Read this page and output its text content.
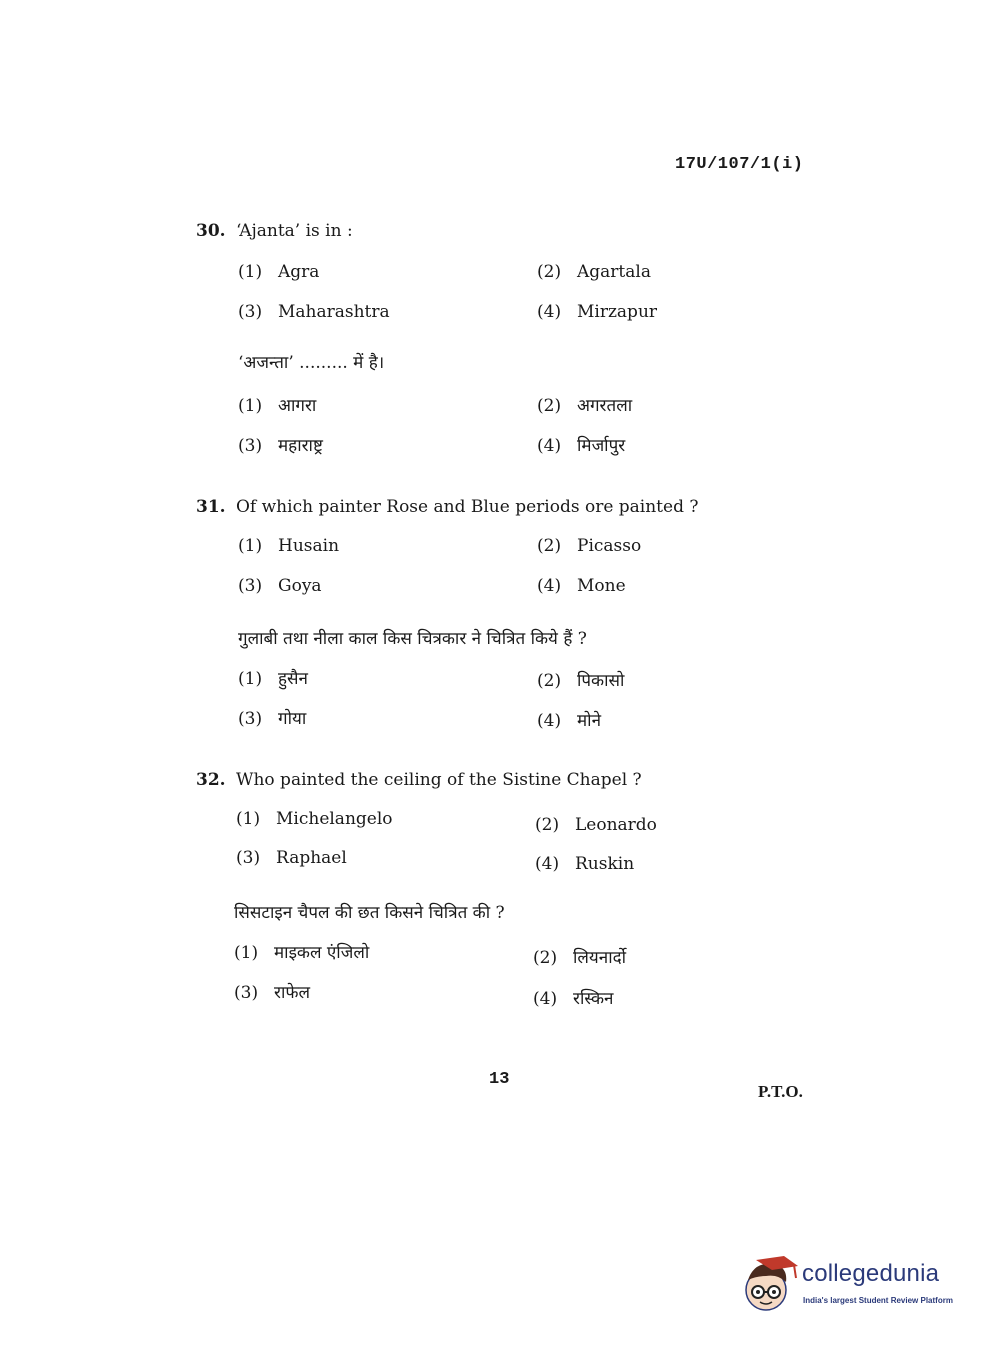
17U/107/1(i)
30. ‘Ajanta’ is in :
(1) Agra	(2) Agartala
(3) Maharashtra	(4) Mirzapur
‘अजन्ता’ ......... में है।
(1) आगरा	(2) अगरतला
(3) महाराष्ट्र	(4) मिर्जापुर
31. Of which painter Rose and Blue periods ore painted ?
(1) Husain	(2) Picasso
(3) Goya	(4) Mone
गुलाबी तथा नीला काल किस चित्रकार ने चित्रित किये हैं ?
(1) हुसैन	(2) पिकासो
(3) गोया	(4) मोने
32. Who painted the ceiling of the Sistine Chapel ?
(1) Michelangelo	(2) Leonardo
(3) Raphael	(4) Ruskin
सिसटाइन चैपल की छत किसने चित्रित की ?
(1) माइकल एंजिलो	(2) लियनार्दो
(3) राफेल	(4) रस्किन
13
P.T.O.
collegedunia
India's largest Student Review Platform
